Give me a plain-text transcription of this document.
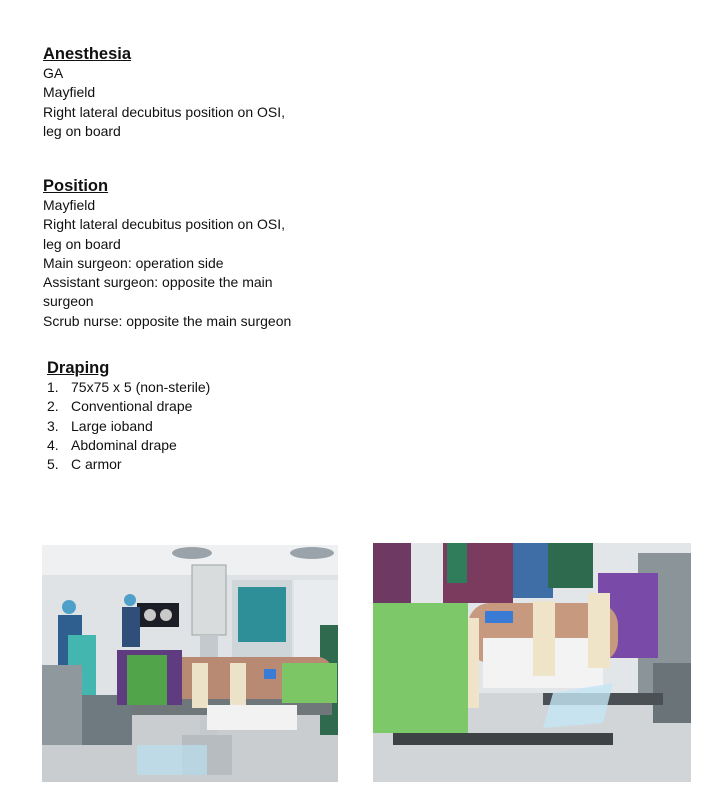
Anesthesia
GA
Mayfield
Right lateral decubitus position on OSI,
leg on board
Position
Mayfield
Right lateral decubitus position on OSI,
leg on board
Main surgeon: operation side
Assistant surgeon: opposite the main
surgeon
Scrub nurse: opposite the main surgeon
Draping
1. 75x75 x 5 (non-sterile)
2. Conventional drape
3. Large ioband
4. Abdominal drape
5. C armor
